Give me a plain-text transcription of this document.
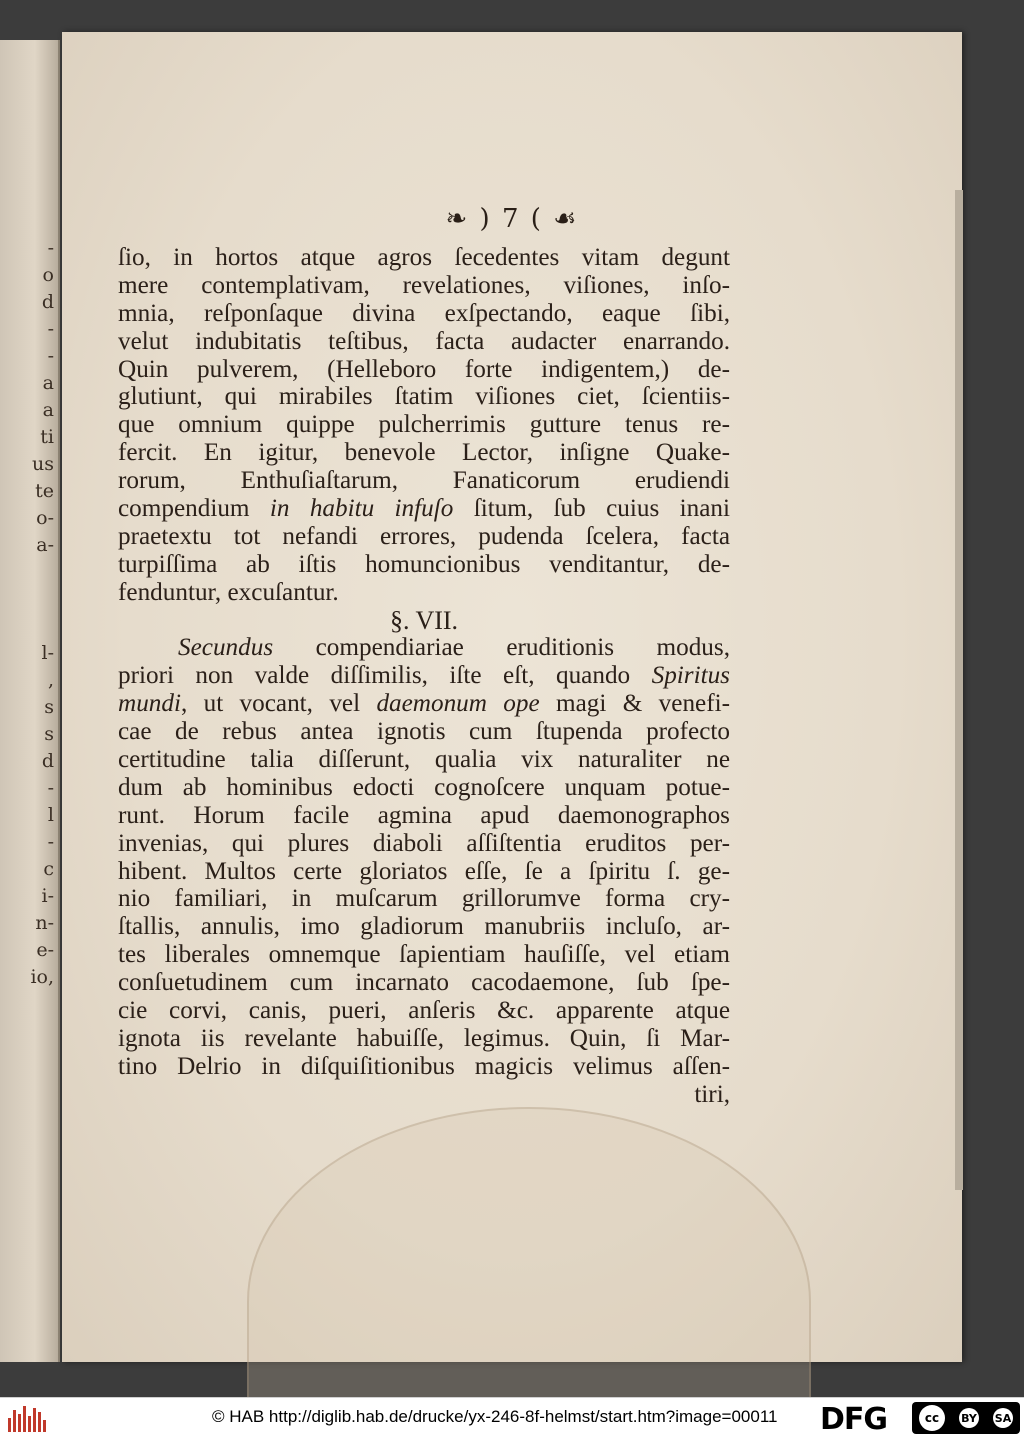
-
o
d
-
-
a
a
ti
us
te
o-
a-
l-
,
s
s
d
-
l
-
c
i-
n-
e-
io,
❧ ) 7 ( ☙
ſio, in hortos atque agros ſecedentes vitam degunt
mere contemplativam, revelationes, viſiones, inſo-
mnia, reſponſaque divina exſpectando, eaque ſibi,
velut indubitatis teſtibus, facta audacter enarrando.
Quin pulverem, (Helleboro forte indigentem,) de-
glutiunt, qui mirabiles ſtatim viſiones ciet, ſcientiis-
que omnium quippe pulcherrimis gutture tenus re-
fercit. En igitur, benevole Lector, inſigne Quake-
rorum, Enthuſiaſtarum, Fanaticorum erudiendi
compendium in habitu infuſo ſitum, ſub cuius inani
praetextu tot nefandi errores, pudenda ſcelera, facta
turpiſſima ab iſtis homuncionibus venditantur, de-
fenduntur, excuſantur.
§. VII.
Secundus compendiariae eruditionis modus,
priori non valde diſſimilis, iſte eſt, quando Spiritus
mundi, ut vocant, vel daemonum ope magi & venefi-
cae de rebus antea ignotis cum ſtupenda profecto
certitudine talia diſſerunt, qualia vix naturaliter ne
dum ab hominibus edocti cognoſcere unquam potue-
runt. Horum facile agmina apud daemonographos
invenias, qui plures diaboli aſſiſtentia eruditos per-
hibent. Multos certe gloriatos eſſe, ſe a ſpiritu ſ. ge-
nio familiari, in muſcarum grillorumve forma cry-
ſtallis, annulis, imo gladiorum manubriis incluſo, ar-
tes liberales omnemque ſapientiam hauſiſſe, vel etiam
conſuetudinem cum incarnato cacodaemone, ſub ſpe-
cie corvi, canis, pueri, anſeris &c. apparente atque
ignota iis revelante habuiſſe, legimus. Quin, ſi Mar-
tino Delrio in diſquiſitionibus magicis velimus aſſen-
tiri,
© HAB http://diglib.hab.de/drucke/yx-246-8f-helmst/start.htm?image=00011 DFG	cc	BY SA
